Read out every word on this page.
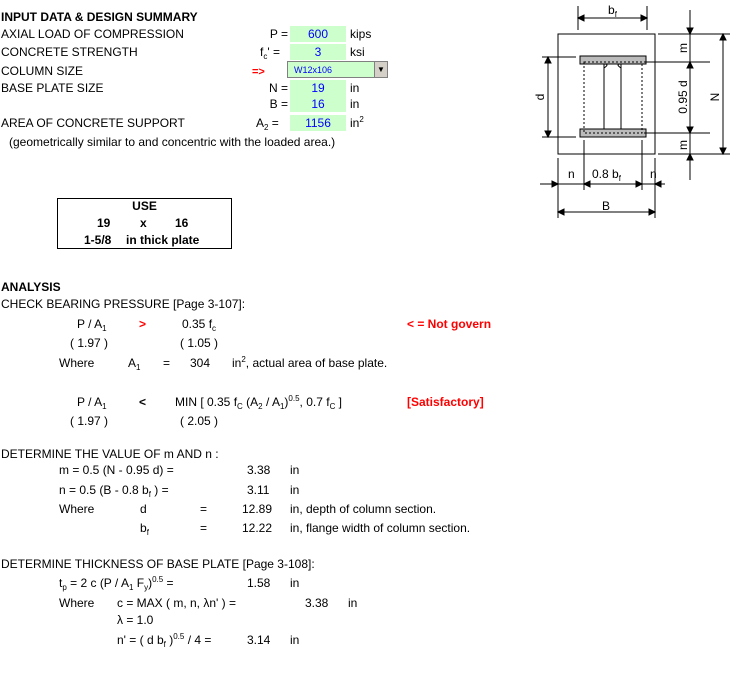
INPUT DATA & DESIGN SUMMARY
AXIAL LOAD OF COMPRESSION	P =	600	kips
CONCRETE STRENGTH	$f_c'$ =	3	ksi
COLUMN SIZE	=>	W12x106	▼
BASE PLATE SIZE	N =	19	in
B =	16	in
AREA OF CONCRETE SUPPORT	$A_2$ =	1156	$in^2$
(geometrically similar to and concentric with the loaded area.)
USE
19 x 16
1-5/8 in thick plate
$b_f$
m
0.95 d
m
N
d
n	n
0.8 $b_f$
B
ANALYSIS
CHECK BEARING PRESSURE [Page 3-107]:
P / $A_1$	>	0.35 $f_c$	< = Not govern
( 1.97 )	( 1.05 )
Where	$A_1 = 304$ $in^2$, actual area of base plate.
P / $A_1$	< MIN [ 0.35 $f_C$ $(A_2 / A_1)^{0.5}$, 0.7 $f_C$ ]	[Satisfactory]
( 1.97 )	( 2.05 )
DETERMINE THE VALUE OF m AND n :
m = 0.5 (N - 0.95 d) =	3.38 in
n = 0.5 (B - 0.8 $b_f$ ) =	3.11 in
Where	d	=	12.89 in, depth of column section.
$b_f$	=	12.22 in, flange width of column section.
DETERMINE THICKNESS OF BASE PLATE [Page 3-108]:
$t_p = 2$ c ($P / A_1$ $F_y)^{0.5}$ =	1.58 in
Where c = MAX ( m, n, λn' ) =	3.38 in
λ = 1.0
n' = ( d $b_f$ )$^{0.5}$ / 4 =	3.14 in
